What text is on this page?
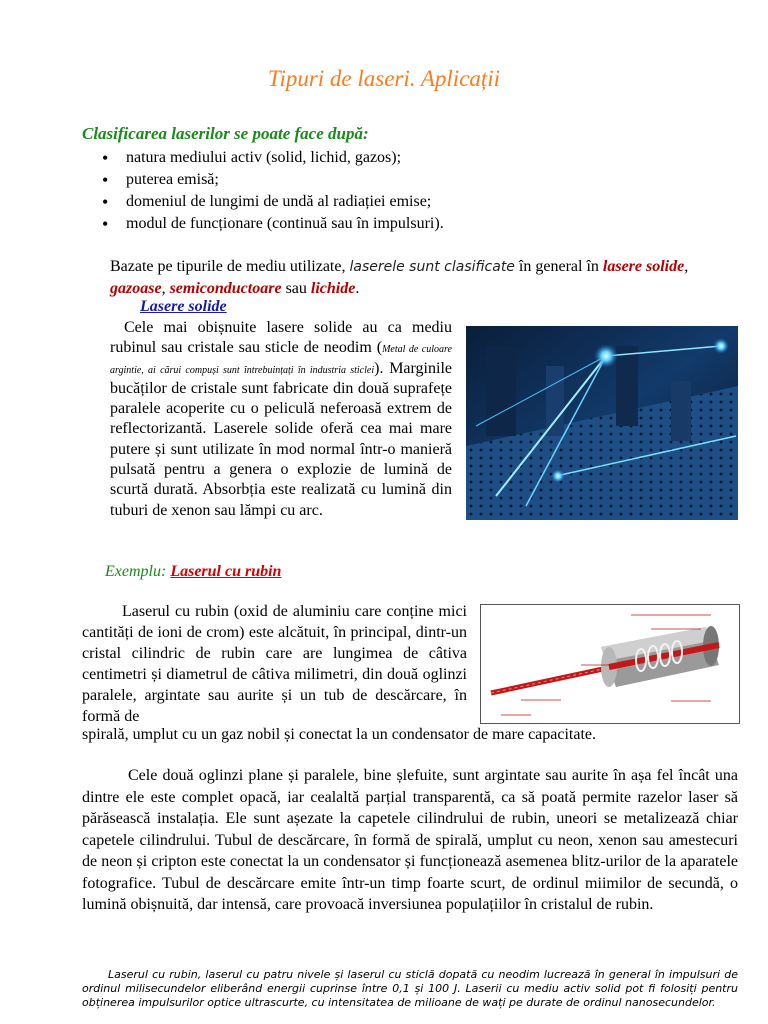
Tipuri de laseri. Aplicații
Clasificarea laserilor se poate face după:
• natura mediului activ (solid, lichid, gazos);
• puterea emisă;
• domeniul de lungimi de undă al radiației emise;
• modul de funcționare (continuă sau în impulsuri).
Bazate pe tipurile de mediu utilizate, laserele sunt clasificate în general în lasere solide, gazoase, semiconductoare sau lichide.
Lasere solide
Cele mai obișnuite lasere solide au ca mediu rubinul sau cristale sau sticle de neodim (Metal de culoare argintie, ai cărui compuși sunt întrebuințați în industria sticlei). Marginile bucăților de cristale sunt fabricate din două suprafețe paralele acoperite cu o peliculă neferoasă extrem de reflectorizantă. Laserele solide oferă cea mai mare putere și sunt utilizate în mod normal într-o manieră pulsată pentru a genera o explozie de lumină de scurtă durată. Absorbția este realizată cu lumină din tuburi de xenon sau lămpi cu arc.
Exemplu: Laserul cu rubin
Laserul cu rubin (oxid de aluminiu care conține mici cantități de ioni de crom) este alcătuit, în principal, dintr-un cristal cilindric de rubin care are lungimea de câtiva centimetri și diametrul de câtiva milimetri, din două oglinzi paralele, argintate sau aurite și un tub de descărcare, în formă de
spirală, umplut cu un gaz nobil și conectat la un condensator de mare capacitate.
Cele două oglinzi plane și paralele, bine șlefuite, sunt argintate sau aurite în așa fel încât una dintre ele este complet opacă, iar cealaltă parțial transparentă, ca să poată permite razelor laser să părăsească instalația. Ele sunt așezate la capetele cilindrului de rubin, uneori se metalizează chiar capetele cilindrului. Tubul de descărcare, în formă de spirală, umplut cu neon, xenon sau amestecuri de neon și cripton este conectat la un condensator și funcționează asemenea blitz-urilor de la aparatele fotografice. Tubul de descărcare emite într-un timp foarte scurt, de ordinul miimilor de secundă, o lumină obișnuită, dar intensă, care provoacă inversiunea populațiilor în cristalul de rubin.
Laserul cu rubin, laserul cu patru nivele și laserul cu sticlă dopată cu neodim lucrează în general în impulsuri de ordinul milisecundelor eliberând energii cuprinse între 0,1 și 100 J. Laserii cu mediu activ solid pot fi folosiți pentru obținerea impulsurilor optice ultrascurte, cu intensitatea de milioane de wați pe durate de ordinul nanosecundelor.
